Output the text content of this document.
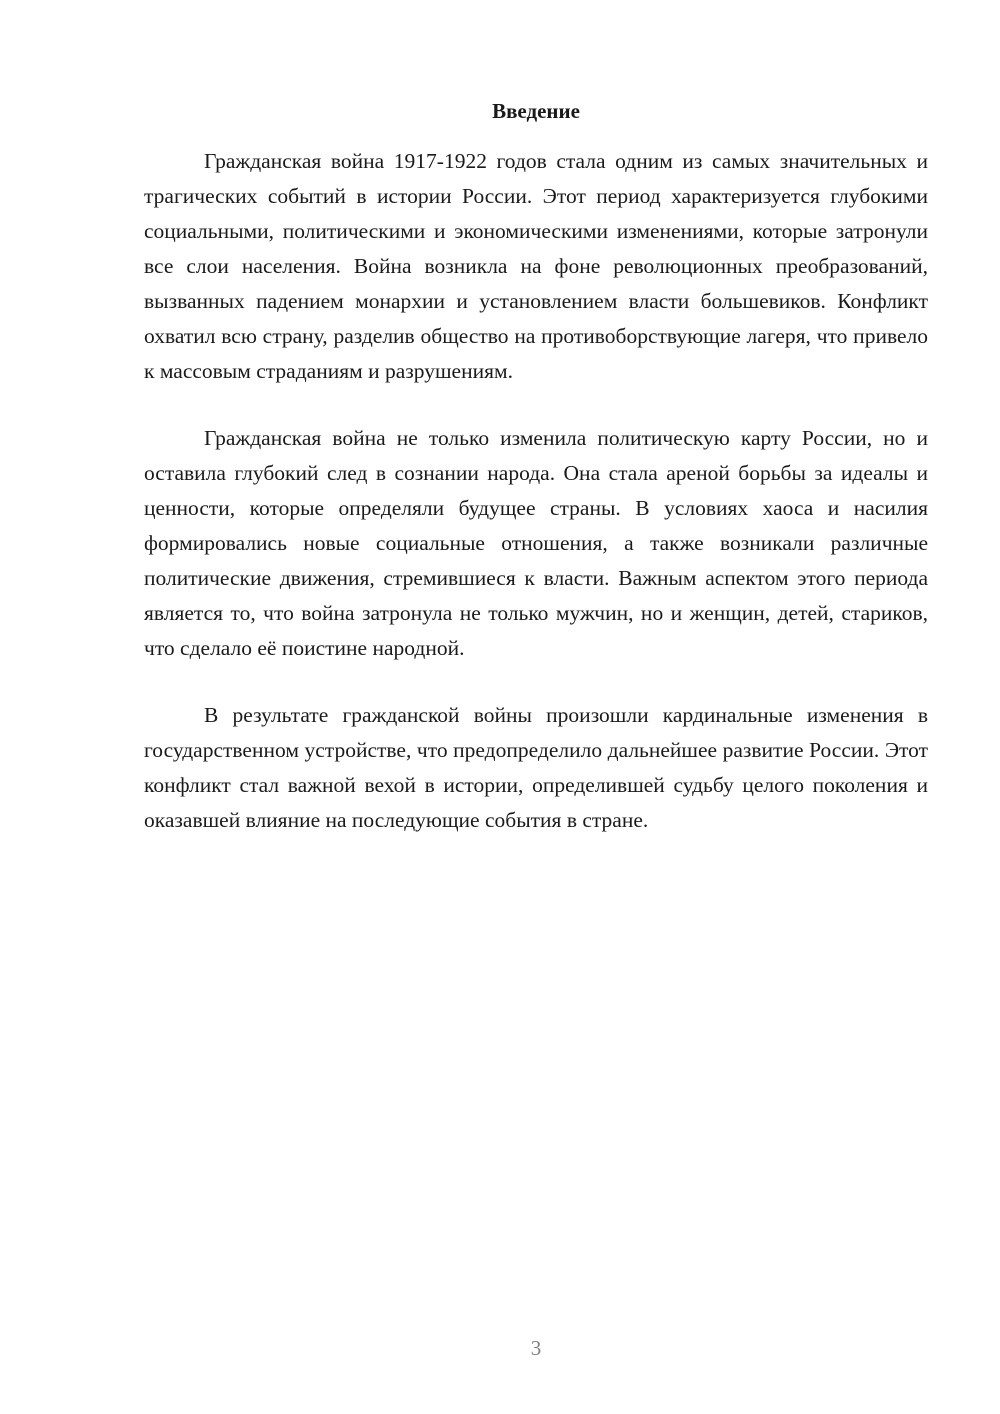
Введение

Гражданская война 1917-1922 годов стала одним из самых значительных и трагических событий в истории России. Этот период характеризуется глубокими социальными, политическими и экономическими изменениями, которые затронули все слои населения. Война возникла на фоне революционных преобразований, вызванных падением монархии и установлением власти большевиков. Конфликт охватил всю страну, разделив общество на противоборствующие лагеря, что привело к массовым страданиям и разрушениям.

Гражданская война не только изменила политическую карту России, но и оставила глубокий след в сознании народа. Она стала ареной борьбы за идеалы и ценности, которые определяли будущее страны. В условиях хаоса и насилия формировались новые социальные отношения, а также возникали различные политические движения, стремившиеся к власти. Важным аспектом этого периода является то, что война затронула не только мужчин, но и женщин, детей, стариков, что сделало её поистине народной.

В результате гражданской войны произошли кардинальные изменения в государственном устройстве, что предопределило дальнейшее развитие России. Этот конфликт стал важной вехой в истории, определившей судьбу целого поколения и оказавшей влияние на последующие события в стране.

3
